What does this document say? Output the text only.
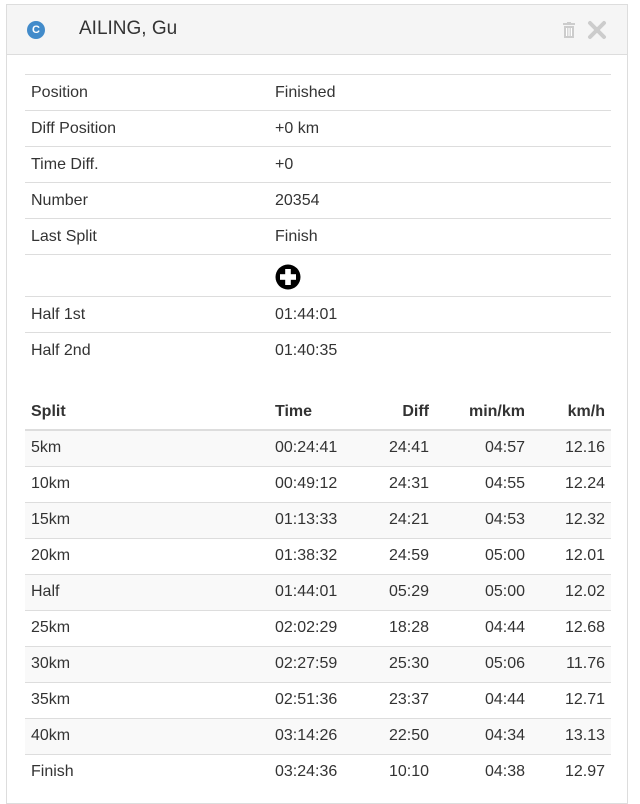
C AILING, Gu
Position	Finished
Diff Position	+0 km
Time Diff.	+0
Number	20354
Last Split	Finish

Half 1st	01:44:01
Half 2nd	01:40:35
Split	Time	Diff	min/km	km/h
5km	00:24:41	24:41	04:57	12.16
10km	00:49:12	24:31	04:55	12.24
15km	01:13:33	24:21	04:53	12.32
20km	01:38:32	24:59	05:00	12.01
Half	01:44:01	05:29	05:00	12.02
25km	02:02:29	18:28	04:44	12.68
30km	02:27:59	25:30	05:06	11.76
35km	02:51:36	23:37	04:44	12.71
40km	03:14:26	22:50	04:34	13.13
Finish	03:24:36	10:10	04:38	12.97
